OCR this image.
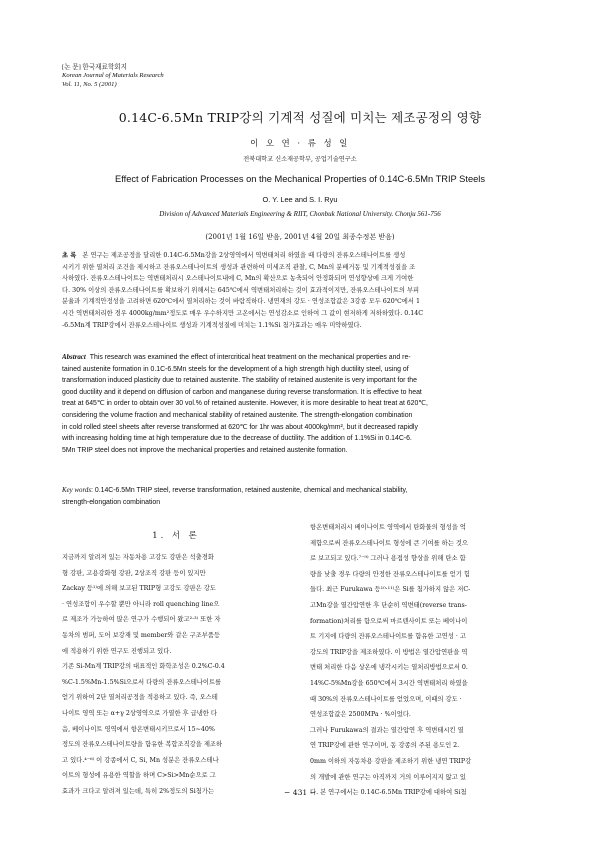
[논 문] 한국재료학회지
Korean Journal of Materials Research
Vol. 11, No. 5 (2001)
0.14C-6.5Mn TRIP강의 기계적 성질에 미치는 제조공정의 영향
이 오 연 · 류 성 일
전북대학교 신소재공학부, 공업기술연구소
Effect of Fabrication Processes on the Mechanical Properties of 0.14C-6.5Mn TRIP Steels
O. Y. Lee and S. I. Ryu
Division of Advanced Materials Engineering & RIIT, Chonbuk National University. Chonju 561-756
(2001년 1월 16일 받음, 2001년 4월 20일 최종수정본 받음)
초 록 본 연구는 제조공정을 달리한 0.14C-6.5Mn강을 2상영역에서 역변태처리 하였을 때 다량의 잔류오스테나이트를 생성
시키기 위한 열처리 조건을 제시하고 잔류오스테나이트의 생성과 관련하여 미세조직 관찰, C, Mn의 분배거동 및 기계적성질을 조
사하였다. 잔류오스테나이트는 역변태처리시 오스테나이트내에 C, Mn의 확산으로 농축되어 안정화되며 연성향상에 크게 기여한
다. 30% 이상의 잔류오스테나이트를 확보하기 위해서는 645℃에서 역변태처리하는 것이 효과적이지만, 잔류오스테나이트의 부피
분율과 기계적안정성을 고려하면 620℃에서 열처리하는 것이 바람직하다. 냉연재의 강도 · 연성조합값은 3강종 모두 620℃에서 1
시간 역변태처리한 경우 4000kg/mm²정도로 매우 우수하지만 고온에서는 연성감소로 인하여 그 값이 현저하게 저하하였다. 0.14C
-6.5Mn계 TRIP강에서 잔류오스테나이트 생성과 기계적성질에 미치는 1.1%Si 첨가효과는 매우 미약하였다.
Abstract This research was examined the effect of intercritical heat treatment on the mechanical properties and re-
tained austenite formation in 0.1C-6.5Mn steels for the development of a high strength high ductility steel, using of
transformation induced plasticity due to retained austenite. The stability of retained austenite is very important for the
good ductility and it depend on diffusion of carbon and manganese during reverse transformation. It is effective to heat
treat at 645℃ in order to obtain over 30 vol.% of retained austenite. However, it is more desirable to heat treat at 620℃,
considering the volume fraction and mechanical stability of retained austenite. The strength-elongation combination
in cold rolled steel sheets after reverse transformed at 620℃ for 1hr was about 4000kg/mm², but it decreased rapidly
with increasing holding time at high temperature due to the decrease of ductility. The addition of 1.1%Si in 0.14C-6.
5Mn TRIP steel does not improve the mechanical properties and retained austenite formation.
Key words: 0.14C-6.5Mn TRIP steel, reverse transformation, retained austenite, chemical and mechanical stability,
strength-elongation combination
1. 서 론
지금까지 알려져 있는 자동차용 고강도 강판은 석출경화
형 강판, 고용강화형 강판, 2상조직 강판 등이 있지만
Zackay 등¹⁾에 의해 보고된 TRIP형 고강도 강판은 강도
· 연성조합이 우수할 뿐만 아니라 roll quenching line으
로 제조가 가능하여 많은 연구가 수행되어 왔고²·³⁾ 또한 자
동차의 범퍼, 도어 보강재 및 member와 같은 구조부품등
에 적용하기 위한 연구도 진행되고 있다.
기존 Si-Mn계 TRIP강의 대표적인 화학조성은 0.2%C-0.4
%C-1.5%Mn-1.5%Si으로서 다량의 잔류오스테나이트를
얻기 위하여 2단 열처리공정을 적용하고 있다. 즉, 오스테
나이트 영역 또는 α+γ 2상영역으로 가열한 후 급냉한 다
음, 베이나이트 영역에서 항온변태시키므로서 15~40%
정도의 잔류오스테나이트량을 함유한 복합조직강을 제조하
고 있다.⁴⁻⁶⁾ 이 강종에서 C, Si, Mn 성분은 잔류오스테나
이트의 형성에 유용한 역할을 하며 C>Si>Mn순으로 그
효과가 크다고 알려져 있는데, 특히 2%정도의 Si첨가는
항온변태처리시 베이나이트 영역에서 탄화물의 형성을 억
제함으로써 잔류오스테나이트 형성에 큰 기여를 하는 것으
로 보고되고 있다.⁷⁻⁹⁾ 그러나 용접성 향상을 위해 탄소 함
량을 낮출 경우 다량의 안정한 잔류오스테나이트를 얻기 힘
들다. 최근 Furukawa 등¹⁰·¹¹⁾은 Si를 첨가하지 않은 저C-
고Mn강을 열간압연한 후 단순히 역변태(reverse trans-
formation)처리를 함으로써 마르텐사이트 또는 베이나이
트 기지에 다량의 잔류오스테나이트를 함유한 고연성 · 고
강도의 TRIP강을 제조하였다. 이 방법은 열간압연판을 역
변태 처리한 다음 상온에 냉각시키는 열처리방법으로서 0.
14%C-5%Mn강을 650℃에서 3시간 역변태처리 하였을
때 30%의 잔류오스테나이트를 얻었으며, 이때의 강도 ·
연성조합값은 2500MPa · %이었다.
그러나 Furukawa의 결과는 열간압연 후 역변태시킨 열
연 TRIP강에 관한 연구이며, 동 강종의 주된 용도인 2.
0mm 이하의 자동차용 강판을 제조하기 위한 냉연 TRIP강
의 개발에 관한 연구는 아직까지 거의 이루어지지 않고 있
다. 본 연구에서는 0.14C-6.5Mn TRIP강에 대하여 Si첨
− 431 −
